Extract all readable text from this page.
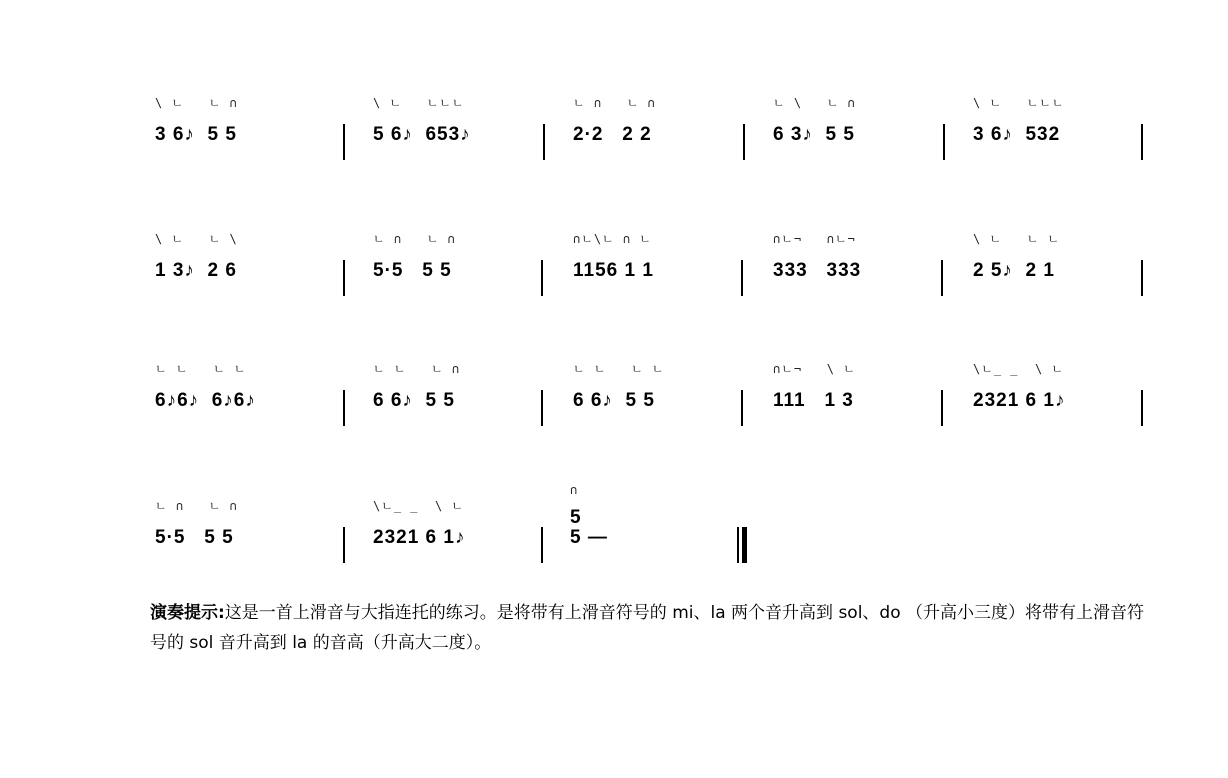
\ ㄴ   ㄴ ∩
3 6♪  5 5
\ ㄴ   ㄴㄴㄴ
5 6♪  653♪
ㄴ ∩   ㄴ ∩
2·2   2 2
ㄴ \   ㄴ ∩
6 3♪  5 5
\ ㄴ   ㄴㄴㄴ
3 6♪  532
\ ㄴ   ㄴ \
1 3♪  2 6
ㄴ ∩   ㄴ ∩
5·5   5 5
∩ㄴ\ㄴ ∩ ㄴ
1156 1 1
∩ㄴ¬   ∩ㄴ¬
333   333
\ ㄴ   ㄴ ㄴ
2 5♪  2 1
ㄴ ㄴ   ㄴ ㄴ
6♪6♪  6♪6♪
ㄴ ㄴ   ㄴ ∩
6 6♪  5 5
ㄴ ㄴ   ㄴ ㄴ
6 6♪  5 5
∩ㄴ¬   \ ㄴ
111   1 3
\ㄴ_ _  \ ㄴ
2321 6 1♪
ㄴ ∩   ㄴ ∩
5·5   5 5
\ㄴ_ _  \ ㄴ
2321 6 1♪
∩
5
5 —
演奏提示:这是一首上滑音与大指连托的练习。是将带有上滑音符号的 mi、la 两个音升高到 sol、do （升高小三度）将带有上滑音符号的 sol 音升高到 la 的音高（升高大二度）。
